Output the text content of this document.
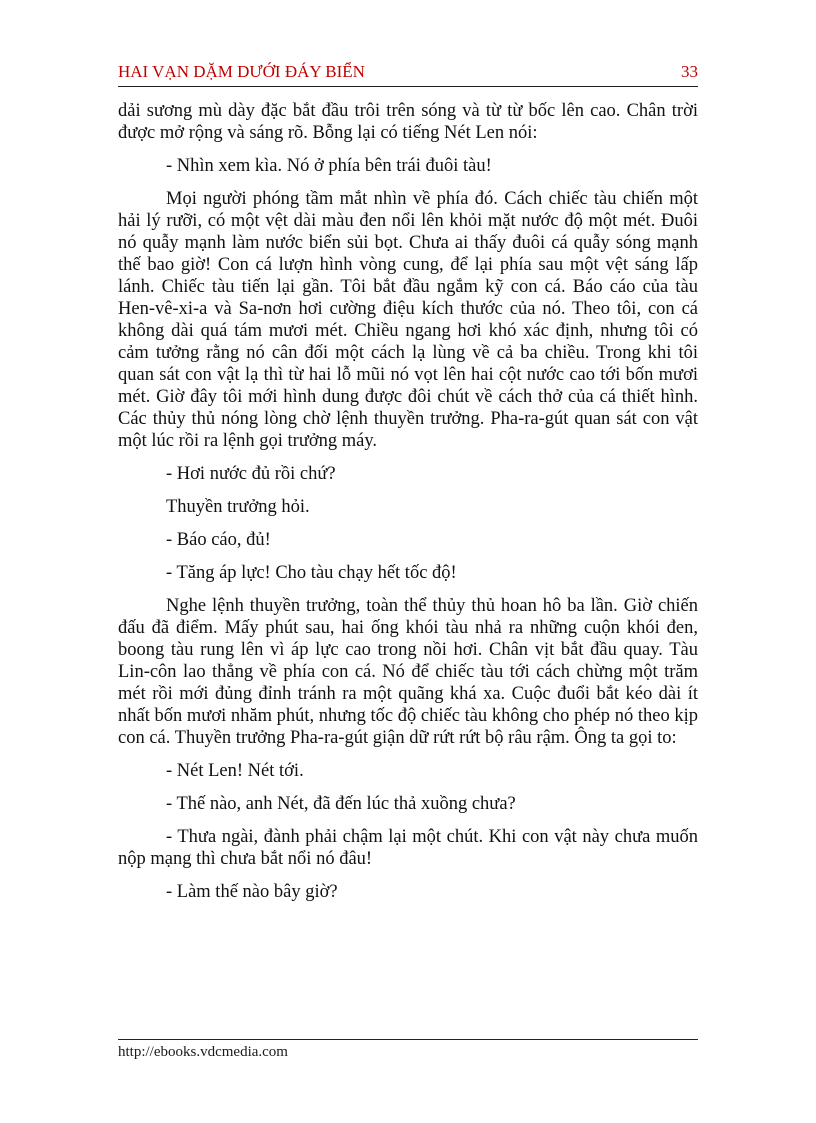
HAI VẠN DẶM DƯỚI ĐÁY BIỂN	33

dải sương mù dày đặc bắt đầu trôi trên sóng và từ từ bốc lên cao. Chân trời được mở rộng và sáng rõ. Bỗng lại có tiếng Nét Len nói:

- Nhìn xem kìa. Nó ở phía bên trái đuôi tàu!

Mọi người phóng tầm mắt nhìn về phía đó. Cách chiếc tàu chiến một hải lý rưỡi, có một vệt dài màu đen nổi lên khỏi mặt nước độ một mét. Đuôi nó quẫy mạnh làm nước biển sủi bọt. Chưa ai thấy đuôi cá quẫy sóng mạnh thế bao giờ! Con cá lượn hình vòng cung, để lại phía sau một vệt sáng lấp lánh. Chiếc tàu tiến lại gần. Tôi bắt đầu ngắm kỹ con cá. Báo cáo của tàu Hen-vê-xi-a và Sa-nơn hơi cường điệu kích thước của nó. Theo tôi, con cá không dài quá tám mươi mét. Chiều ngang hơi khó xác định, nhưng tôi có cảm tưởng rằng nó cân đối một cách lạ lùng về cả ba chiều. Trong khi tôi quan sát con vật lạ thì từ hai lỗ mũi nó vọt lên hai cột nước cao tới bốn mươi mét. Giờ đây tôi mới hình dung được đôi chút về cách thở của cá thiết hình. Các thủy thủ nóng lòng chờ lệnh thuyền trưởng. Pha-ra-gút quan sát con vật một lúc rồi ra lệnh gọi trưởng máy.

- Hơi nước đủ rồi chứ?

Thuyền trưởng hỏi.

- Báo cáo, đủ!

- Tăng áp lực! Cho tàu chạy hết tốc độ!

Nghe lệnh thuyền trưởng, toàn thể thủy thủ hoan hô ba lần. Giờ chiến đấu đã điểm. Mấy phút sau, hai ống khói tàu nhả ra những cuộn khói đen, boong tàu rung lên vì áp lực cao trong nồi hơi. Chân vịt bắt đầu quay. Tàu Lin-côn lao thẳng về phía con cá. Nó để chiếc tàu tới cách chừng một trăm mét rồi mới đủng đỉnh tránh ra một quãng khá xa. Cuộc đuổi bắt kéo dài ít nhất bốn mươi nhăm phút, nhưng tốc độ chiếc tàu không cho phép nó theo kịp con cá. Thuyền trưởng Pha-ra-gút giận dữ rứt rứt bộ râu rậm. Ông ta gọi to:

- Nét Len! Nét tới.

- Thế nào, anh Nét, đã đến lúc thả xuồng chưa?

- Thưa ngài, đành phải chậm lại một chút. Khi con vật này chưa muốn nộp mạng thì chưa bắt nổi nó đâu!

- Làm thế nào bây giờ?

http://ebooks.vdcmedia.com
